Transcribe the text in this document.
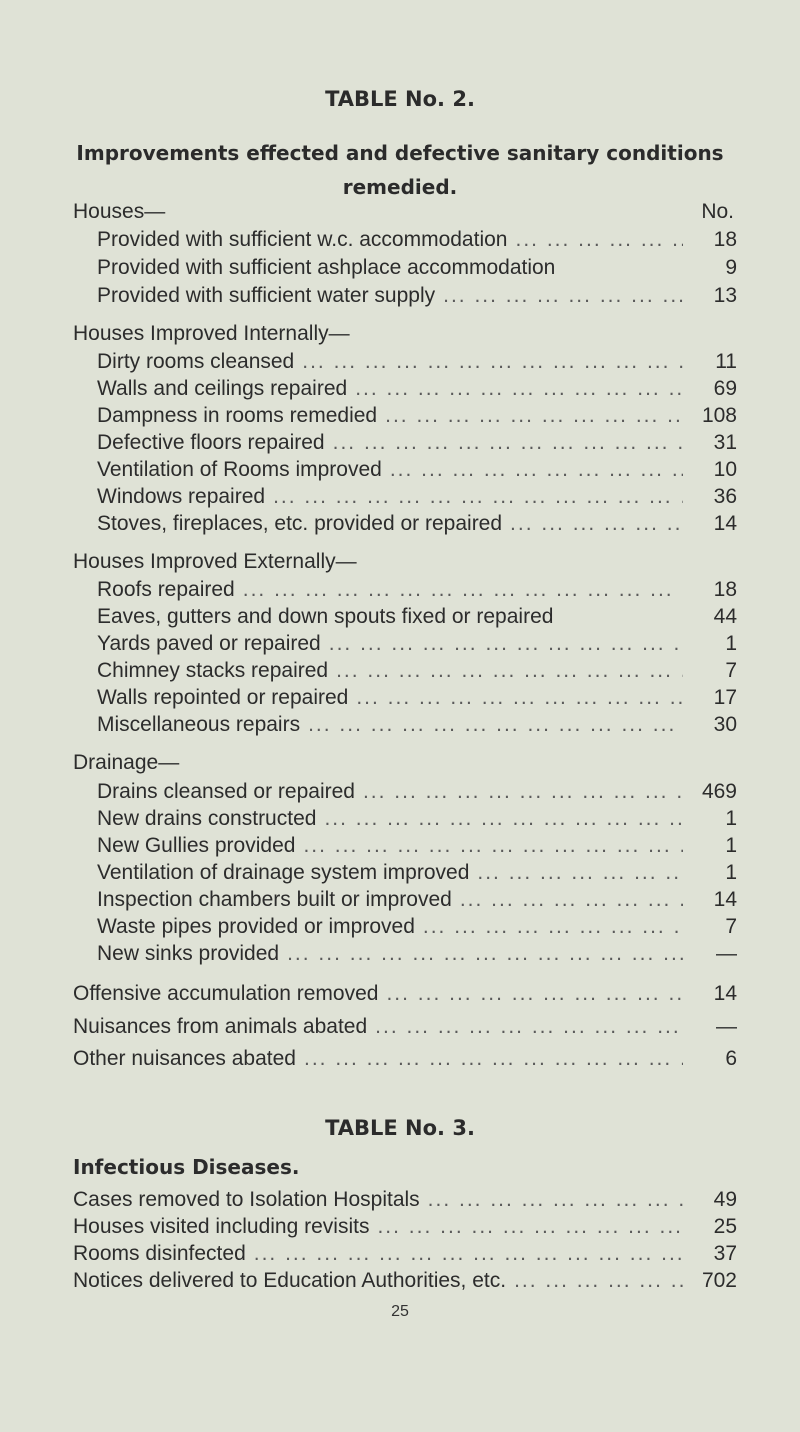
TABLE No. 2.
Improvements effected and defective sanitary conditions remedied.
Houses—	No.
Provided with sufficient w.c. accommodation ... .	18
Provided with sufficient ashplace accommodation	9
Provided with sufficient water supply ... .	13
Houses Improved Internally—
Dirty rooms cleansed ... .	11
Walls and ceilings repaired ... .	69
Dampness in rooms remedied ... .	108
Defective floors repaired ... .	31
Ventilation of Rooms improved ... .	10
Windows repaired ... .	36
Stoves, fireplaces, etc. provided or repaired ... .	14
Houses Improved Externally—
Roofs repaired ... .	18
Eaves, gutters and down spouts fixed or repaired	44
Yards paved or repaired ... .	1
Chimney stacks repaired ... .	7
Walls repointed or repaired ... .	17
Miscellaneous repairs ... .	30
Drainage—
Drains cleansed or repaired ... .	469
New drains constructed ... .	1
New Gullies provided ... .	1
Ventilation of drainage system improved ... .	1
Inspection chambers built or improved ... .	14
Waste pipes provided or improved ... .	7
New sinks provided ... .	—
Offensive accumulation removed ... .	14
Nuisances from animals abated ... .	—
Other nuisances abated ... .	6
TABLE No. 3.
Infectious Diseases.
Cases removed to Isolation Hospitals ... .	49
Houses visited including revisits ... .	25
Rooms disinfected ... .	37
Notices delivered to Education Authorities, etc. ... .	702
25
